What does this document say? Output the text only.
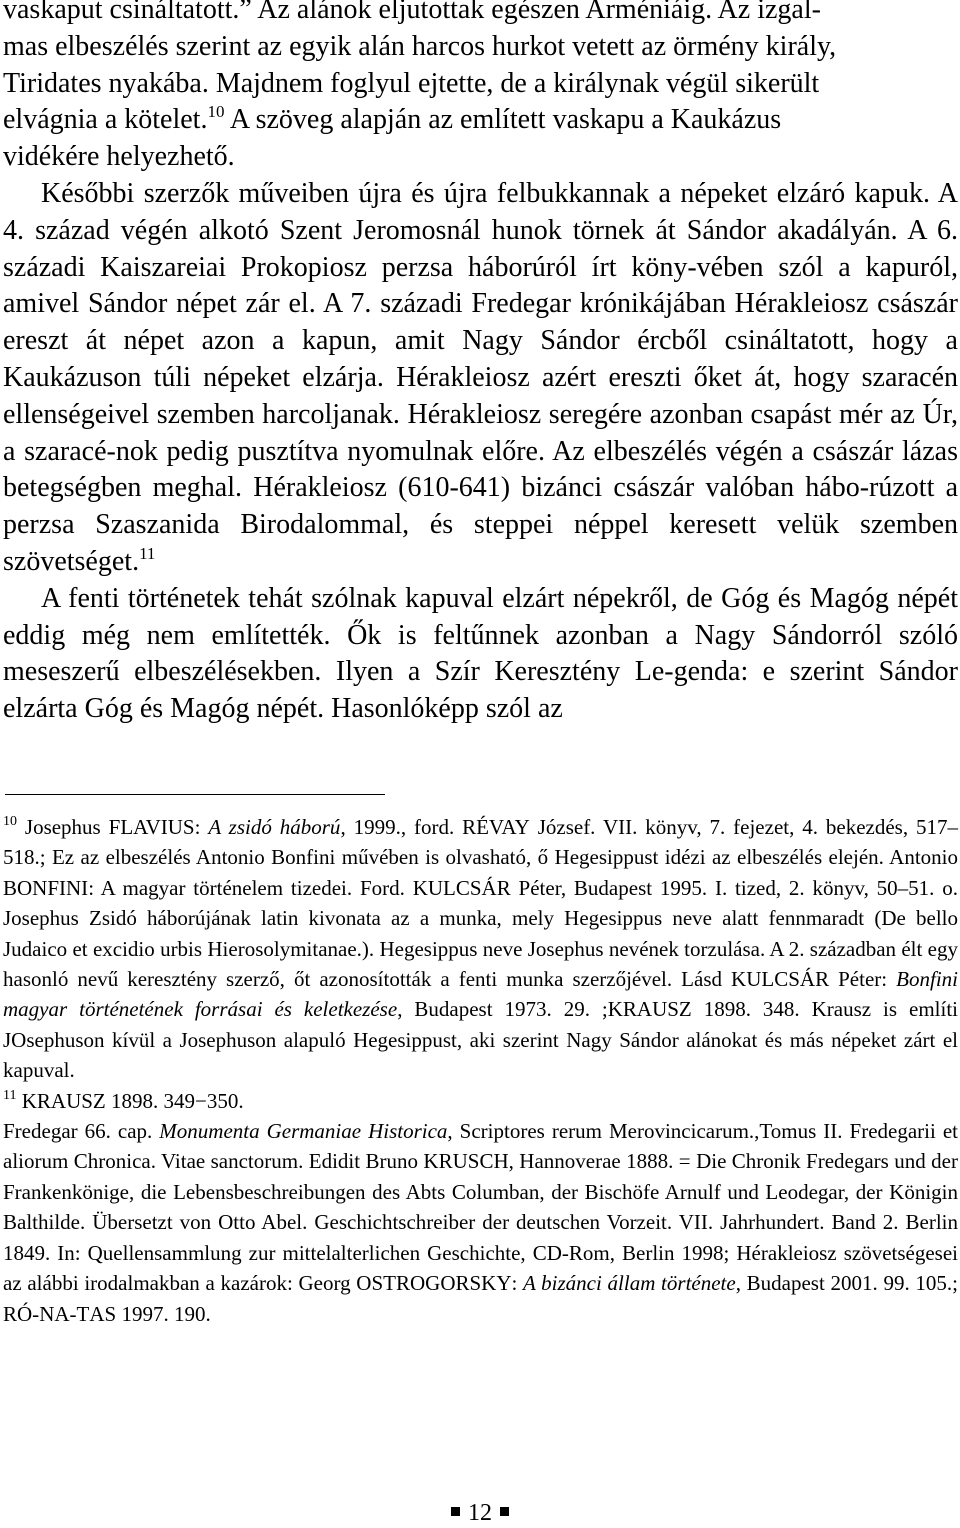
vaskaput csináltatott.” Az alánok eljutottak egészen Arméniáig. Az izgal-
mas elbeszélés szerint az egyik alán harcos hurkot vetett az örmény király,
Tiridates nyakába. Majdnem foglyul ejtette, de a királynak végül sikerült
elvágnia a kötelet.$^{10}$ A szöveg alapján az említett vaskapu a Kaukázus
vidékére helyezhető.

Későbbi szerzők műveiben újra és újra felbukkannak a népeket elzáró kapuk. A 4. század végén alkotó Szent Jeromosnál hunok törnek át Sándor akadályán. A 6. századi Kaiszareiai Prokopiosz perzsa háborúról írt köny-vében szól a kapuról, amivel Sándor népet zár el. A 7. századi Fredegar krónikájában Hérakleiosz császár ereszt át népet azon a kapun, amit Nagy Sándor ércből csináltatott, hogy a Kaukázuson túli népeket elzárja. Hérakleiosz azért ereszti őket át, hogy szaracén ellenségeivel szemben harcoljanak. Hérakleiosz seregére azonban csapást mér az Úr, a szaracé-nok pedig pusztítva nyomulnak előre. Az elbeszélés végén a császár lázas betegségben meghal. Hérakleiosz (610-641) bizánci császár valóban hábo-rúzott a perzsa Szaszanida Birodalommal, és steppei néppel keresett velük szemben szövetséget.$^{11}$

A fenti történetek tehát szólnak kapuval elzárt népekről, de Góg és Magóg népét eddig még nem említették. Ők is feltűnnek azonban a Nagy Sándorról szóló meseszerű elbeszélésekben. Ilyen a Szír Keresztény Le-genda: e szerint Sándor elzárta Góg és Magóg népét. Hasonlóképp szól az

$^{10}$ Josephus FLAVIUS: A zsidó háború, 1999., ford. RÉVAY József. VII. könyv, 7. fejezet, 4. bekezdés, 517–518.; Ez az elbeszélés Antonio Bonfini művében is olvasható, ő Hegesippust idézi az elbeszélés elején. Antonio BONFINI: A magyar történelem tizedei. Ford. KULCSÁR Péter, Budapest 1995. I. tized, 2. könyv, 50–51. o. Josephus Zsidó háborújának latin kivonata az a munka, mely Hegesippus neve alatt fennmaradt (De bello Judaico et excidio urbis Hierosolymitanae.). Hegesippus neve Josephus nevének torzulása. A 2. században élt egy hasonló nevű keresztény szerző, őt azonosították a fenti munka szerzőjével. Lásd KULCSÁR Péter: Bonfini magyar történetének forrásai és keletkezése, Budapest 1973. 29. ;KRAUSZ 1898. 348. Krausz is említi JOsephuson kívül a Josephuson alapuló Hegesippust, aki szerint Nagy Sándor alánokat és más népeket zárt el kapuval.

$^{11}$ KRAUSZ 1898. 349−350.

Fredegar 66. cap. Monumenta Germaniae Historica, Scriptores rerum Merovincicarum.,Tomus II. Fredegarii et aliorum Chronica. Vitae sanctorum. Edidit Bruno KRUSCH, Hannoverae 1888. = Die Chronik Fredegars und der Frankenkönige, die Lebensbeschreibungen des Abts Columban, der Bischöfe Arnulf und Leodegar, der Königin Balthilde. Übersetzt von Otto Abel. Geschichtschreiber der deutschen Vorzeit. VII. Jahrhundert. Band 2. Berlin 1849. In: Quellensammlung zur mittelalterlichen Geschichte, CD-Rom, Berlin 1998; Hérakleiosz szövetségesei az alábbi irodalmakban a kazárok: Georg OSTROGORSKY: A bizánci állam története, Budapest 2001. 99. 105.; RÓ-NA-TAS 1997. 190.

12
